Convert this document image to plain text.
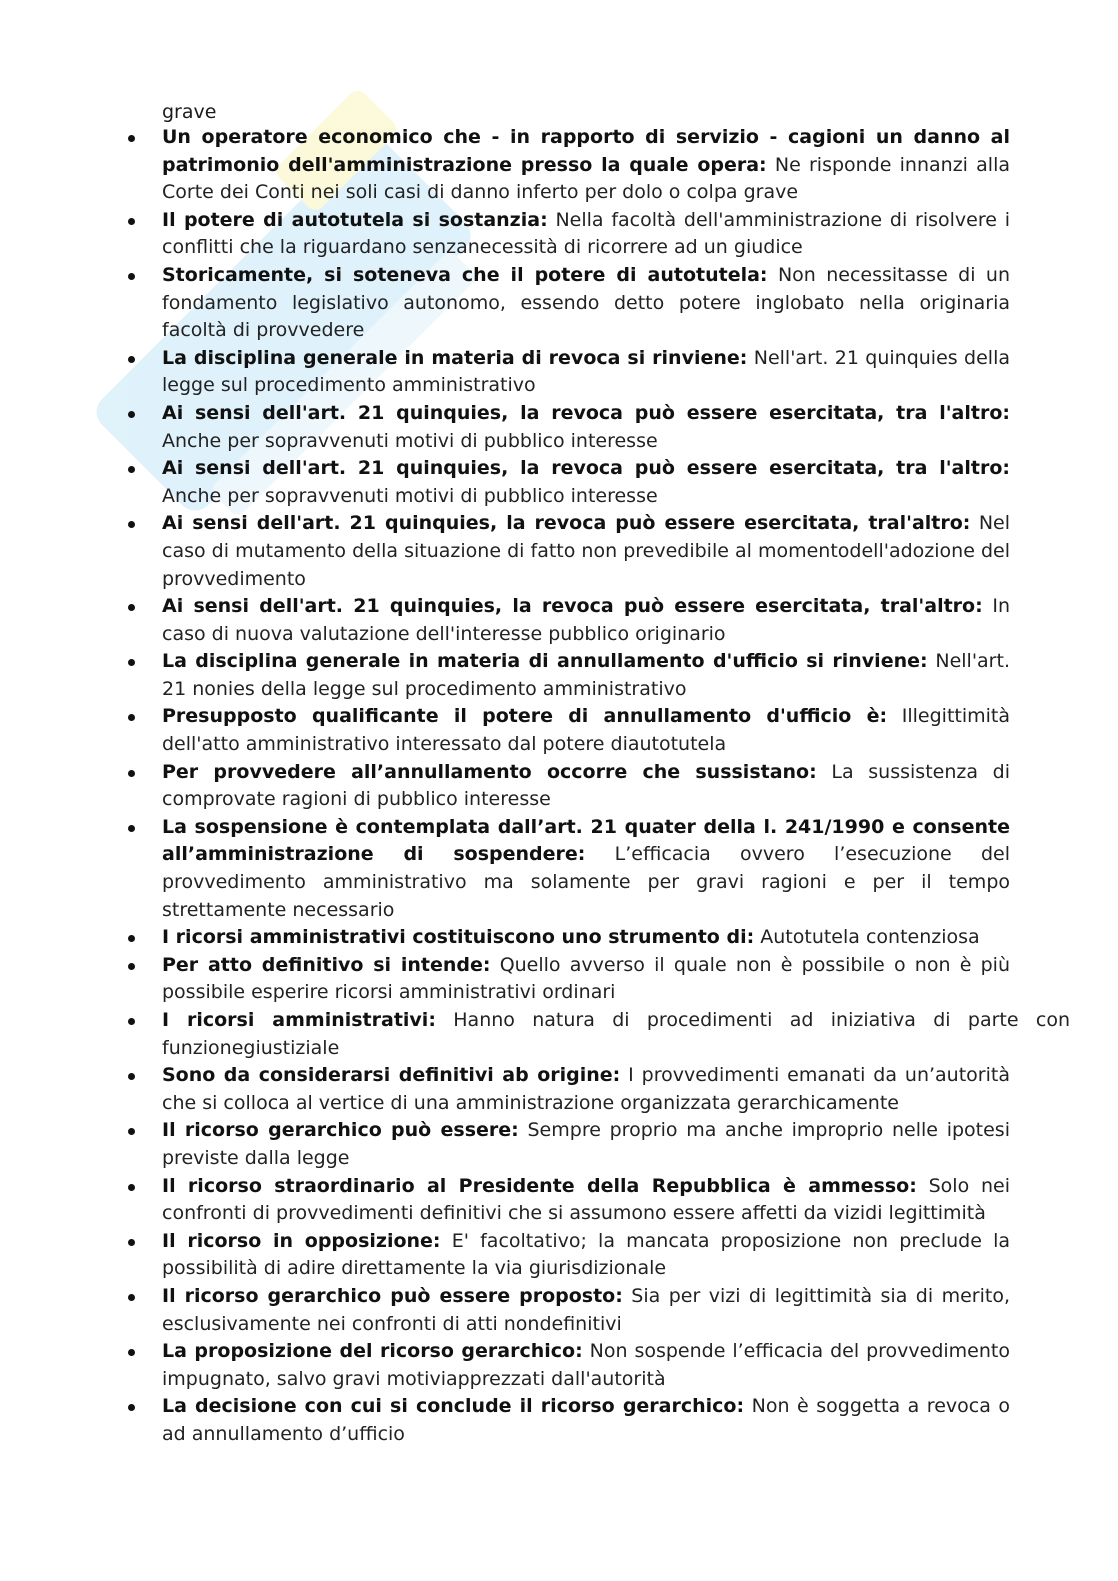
grave

Un operatore economico che - in rapporto di servizio - cagioni un danno al patrimonio dell'amministrazione presso la quale opera: Ne risponde innanzi alla Corte dei Conti nei soli casi di danno inferto per dolo o colpa grave
Il potere di autotutela si sostanzia: Nella facoltà dell'amministrazione di risolvere i conflitti che la riguardano senzanecessità di ricorrere ad un giudice
Storicamente, si soteneva che il potere di autotutela: Non necessitasse di un fondamento legislativo autonomo, essendo detto potere inglobato nella originaria facoltà di provvedere
La disciplina generale in materia di revoca si rinviene: Nell'art. 21 quinquies della legge sul procedimento amministrativo
Ai sensi dell'art. 21 quinquies, la revoca può essere esercitata, tra l'altro: Anche per sopravvenuti motivi di pubblico interesse
Ai sensi dell'art. 21 quinquies, la revoca può essere esercitata, tra l'altro: Anche per sopravvenuti motivi di pubblico interesse
Ai sensi dell'art. 21 quinquies, la revoca può essere esercitata, tral'altro: Nel caso di mutamento della situazione di fatto non prevedibile al momentodell'adozione del provvedimento
Ai sensi dell'art. 21 quinquies, la revoca può essere esercitata, tral'altro: In caso di nuova valutazione dell'interesse pubblico originario
La disciplina generale in materia di annullamento d'ufficio si rinviene: Nell'art. 21 nonies della legge sul procedimento amministrativo
Presupposto qualificante il potere di annullamento d'ufficio è: Illegittimità dell'atto amministrativo interessato dal potere diautotutela
Per provvedere all’annullamento occorre che sussistano: La sussistenza di comprovate ragioni di pubblico interesse
La sospensione è contemplata dall’art. 21 quater della l. 241/1990 e consente all’amministrazione di sospendere: L’efficacia ovvero l’esecuzione del provvedimento amministrativo ma solamente per gravi ragioni e per il tempo strettamente necessario
I ricorsi amministrativi costituiscono uno strumento di: Autotutela contenziosa
Per atto definitivo si intende: Quello avverso il quale non è possibile o non è più possibile esperire ricorsi amministrativi ordinari
I ricorsi amministrativi: Hanno natura di procedimenti ad iniziativa di parte con funzionegiustiziale
Sono da considerarsi definitivi ab origine: I provvedimenti emanati da un’autorità che si colloca al vertice di una amministrazione organizzata gerarchicamente
Il ricorso gerarchico può essere: Sempre proprio ma anche improprio nelle ipotesi previste dalla legge
Il ricorso straordinario al Presidente della Repubblica è ammesso: Solo nei confronti di provvedimenti definitivi che si assumono essere affetti da vizidi legittimità
Il ricorso in opposizione: E' facoltativo; la mancata proposizione non preclude la possibilità di adire direttamente la via giurisdizionale
Il ricorso gerarchico può essere proposto: Sia per vizi di legittimità sia di merito, esclusivamente nei confronti di atti nondefinitivi
La proposizione del ricorso gerarchico: Non sospende l’efficacia del provvedimento impugnato, salvo gravi motiviapprezzati dall'autorità
La decisione con cui si conclude il ricorso gerarchico: Non è soggetta a revoca o ad annullamento d’ufficio
